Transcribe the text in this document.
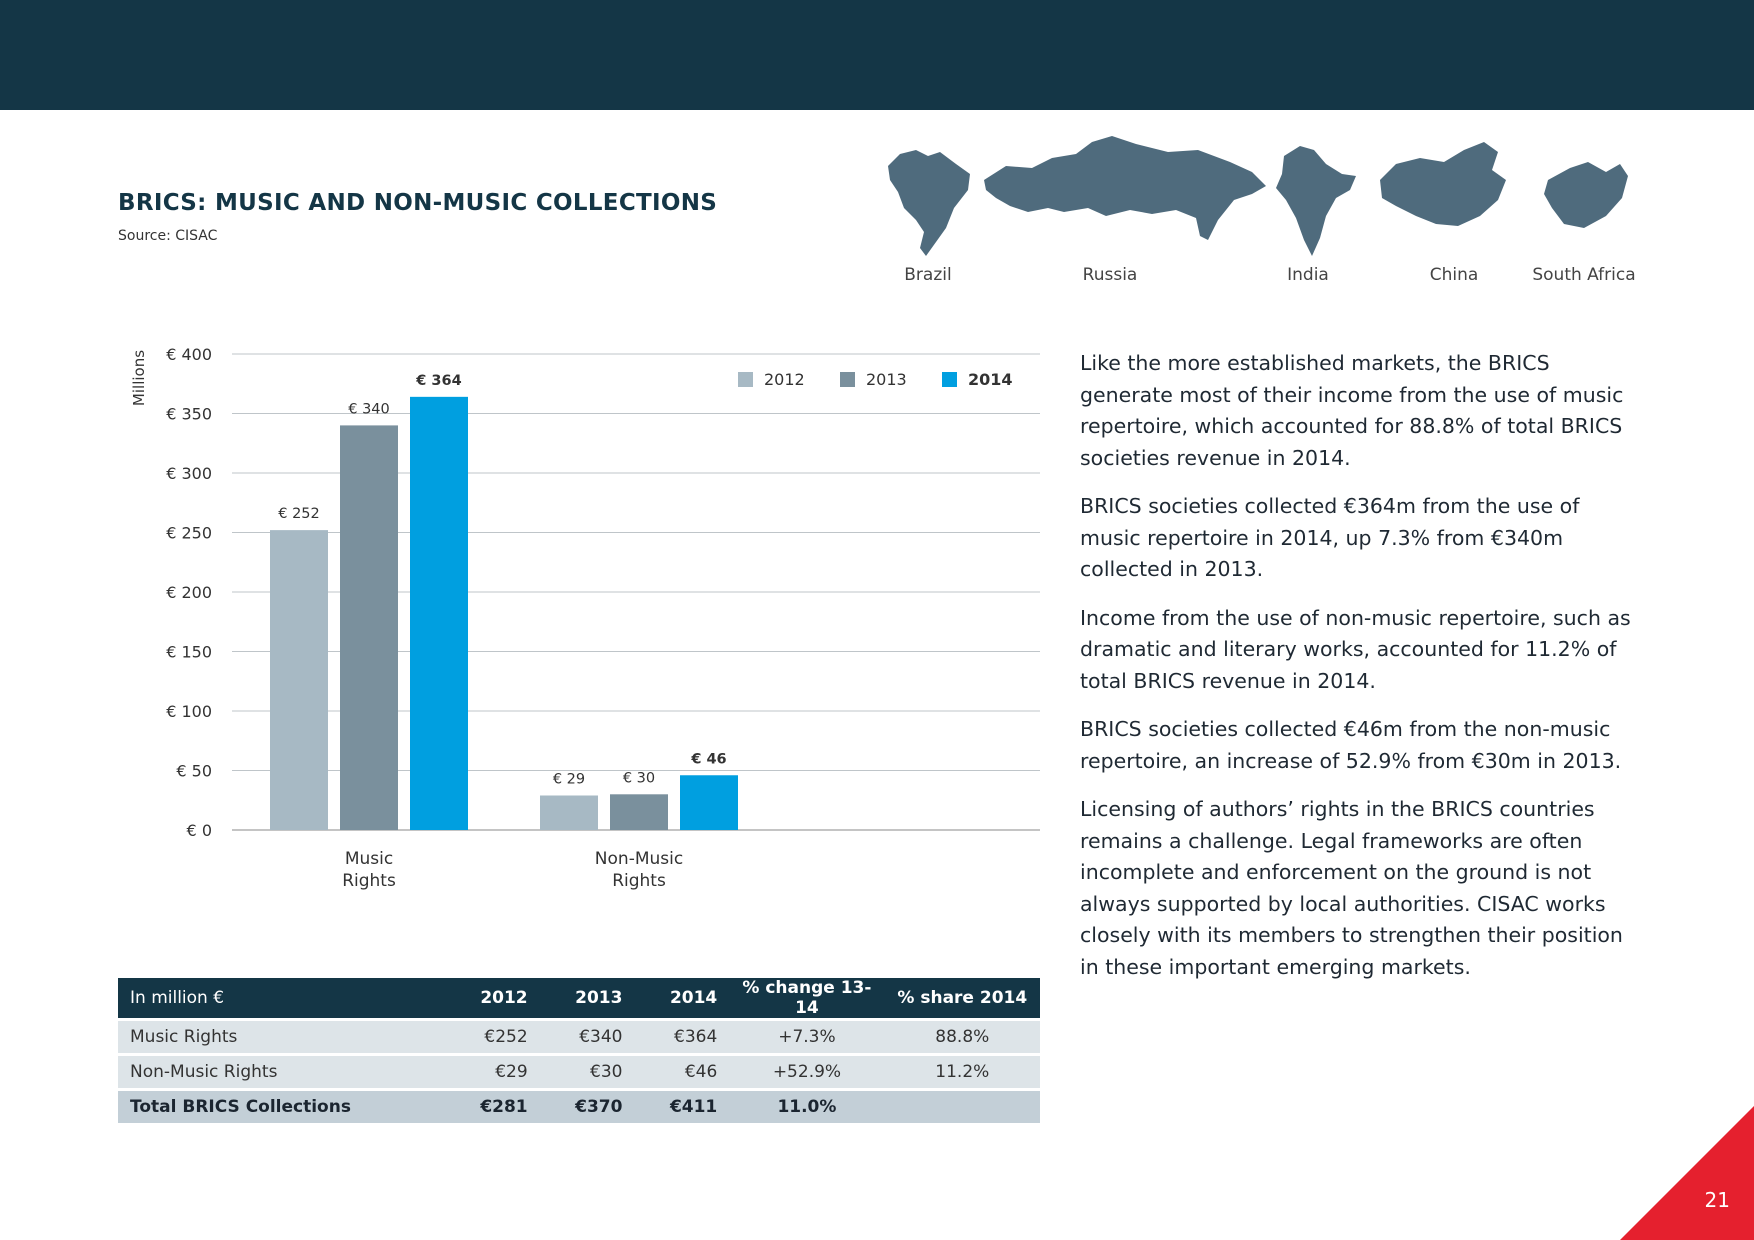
BRICS: MUSIC AND NON-MUSIC COLLECTIONS
Source: CISAC
Brazil	Russia	India	China	South Africa
€ 0
€ 50
€ 100
€ 150
€ 200
€ 250
€ 300
€ 350
€ 400
Millions
€ 252
€ 340
€ 364
Music
Rights
€ 29	€ 30
€ 46
Non-Music
Rights
2012	2013	2014
In million €	2012	2013	2014	% change 13-14	% share 2014
Music Rights	€252	€340	€364	+7.3%	88.8%
Non-Music Rights	€29	€30	€46	+52.9%	11.2%
Total BRICS Collections	€281	€370	€411	11.0%	

Like the more established markets, the BRICS generate most of their income from the use of music repertoire, which accounted for 88.8% of total BRICS societies revenue in 2014.

BRICS societies collected €364m from the use of music repertoire in 2014, up 7.3% from €340m collected in 2013.

Income from the use of non-music repertoire, such as dramatic and literary works, accounted for 11.2% of total BRICS revenue in 2014.

BRICS societies collected €46m from the non-music repertoire, an increase of 52.9% from €30m in 2013.

Licensing of authors’ rights in the BRICS countries remains a challenge. Legal frameworks are often incomplete and enforcement on the ground is not always supported by local authorities. CISAC works closely with its members to strengthen their position in these important emerging markets.

21
